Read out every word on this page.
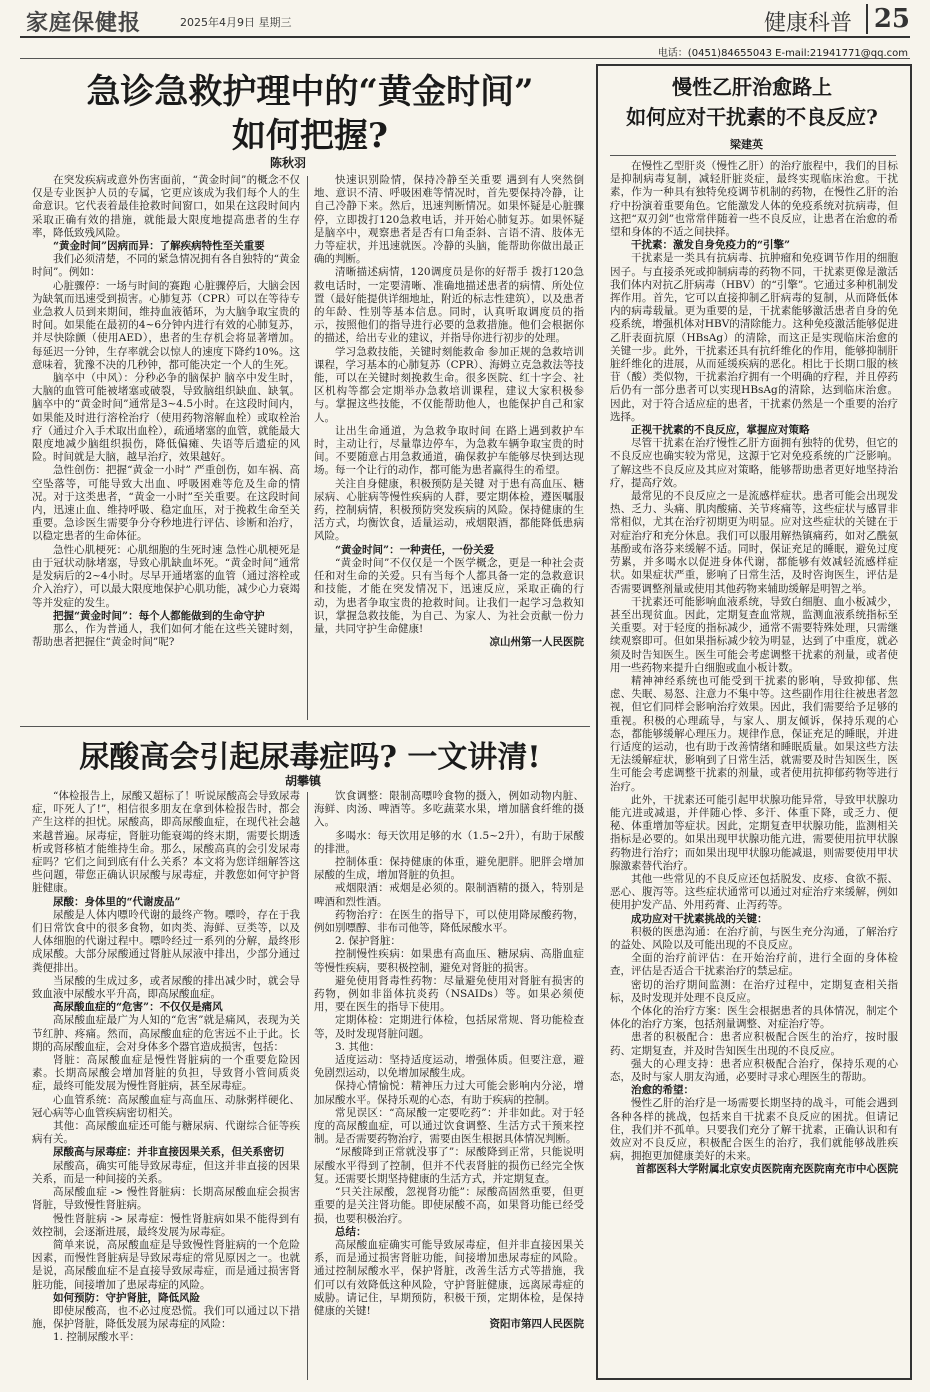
家庭保健报	2025年4月9日 星期三	健康科普 25
电话：(0451)84655043 E-mail:21941771@qq.com
急诊急救护理中的“黄金时间”
如何把握?
陈秋羽

在突发疾病或意外伤害面前，“黄金时间”的概念不仅仅是专业医护人员的专属，它更应该成为我们每个人的生命意识。它代表着最佳抢救时间窗口，如果在这段时间内采取正确有效的措施，就能最大限度地提高患者的生存率，降低致残风险。

“黄金时间”因病而异：了解疾病特性至关重要

我们必须清楚，不同的紧急情况拥有各自独特的“黄金时间”。例如：

心脏骤停：一场与时间的赛跑 心脏骤停后，大脑会因为缺氧而迅速受到损害。心肺复苏（CPR）可以在等待专业急救人员到来期间，维持血液循环，为大脑争取宝贵的时间。如果能在最初的4~6分钟内进行有效的心肺复苏，并尽快除颤（使用AED），患者的生存机会将显著增加。每延迟一分钟，生存率就会以惊人的速度下降约10%。这意味着，犹豫不决的几秒钟，都可能决定一个人的生死。

脑卒中（中风）：分秒必争的脑保护 脑卒中发生时，大脑的血管可能被堵塞或破裂，导致脑组织缺血、缺氧。脑卒中的“黄金时间”通常是3~4.5小时。在这段时间内，如果能及时进行溶栓治疗（使用药物溶解血栓）或取栓治疗（通过介入手术取出血栓），疏通堵塞的血管，就能最大限度地减少脑组织损伤，降低偏瘫、失语等后遗症的风险。时间就是大脑，越早治疗，效果越好。

急性创伤：把握“黄金一小时” 严重创伤，如车祸、高空坠落等，可能导致大出血、呼吸困难等危及生命的情况。对于这类患者，“黄金一小时”至关重要。在这段时间内，迅速止血、维持呼吸、稳定血压，对于挽救生命至关重要。急诊医生需要争分夺秒地进行评估、诊断和治疗，以稳定患者的生命体征。

急性心肌梗死：心肌细胞的生死时速 急性心肌梗死是由于冠状动脉堵塞，导致心肌缺血坏死。“黄金时间”通常是发病后的2~4小时。尽早开通堵塞的血管（通过溶栓或介入治疗），可以最大限度地保护心肌功能，减少心力衰竭等并发症的发生。

把握“黄金时间”：每个人都能做到的生命守护

那么，作为普通人，我们如何才能在这些关键时刻，帮助患者把握住“黄金时间”呢?

快速识别险情，保持冷静至关重要 遇到有人突然倒地、意识不清、呼吸困难等情况时，首先要保持冷静，让自己冷静下来。然后，迅速判断情况。如果怀疑是心脏骤停，立即拨打120急救电话，并开始心肺复苏。如果怀疑是脑卒中，观察患者是否有口角歪斜、言语不清、肢体无力等症状，并迅速就医。冷静的头脑，能帮助你做出最正确的判断。

清晰描述病情，120调度员是你的好帮手 拨打120急救电话时，一定要清晰、准确地描述患者的病情、所处位置（最好能提供详细地址，附近的标志性建筑），以及患者的年龄、性别等基本信息。同时，认真听取调度员的指示，按照他们的指导进行必要的急救措施。他们会根据你的描述，给出专业的建议，并指导你进行初步的处理。

学习急救技能，关键时刻能救命 参加正规的急救培训课程，学习基本的心肺复苏（CPR）、海姆立克急救法等技能，可以在关键时刻挽救生命。很多医院、红十字会、社区机构等都会定期举办急救培训课程，建议大家积极参与。掌握这些技能，不仅能帮助他人，也能保护自己和家人。

让出生命通道，为急救争取时间 在路上遇到救护车时，主动让行，尽量靠边停车，为急救车辆争取宝贵的时间。不要随意占用急救通道，确保救护车能够尽快到达现场。每一个让行的动作，都可能为患者赢得生的希望。

关注自身健康，积极预防是关键 对于患有高血压、糖尿病、心脏病等慢性疾病的人群，要定期体检，遵医嘱服药，控制病情，积极预防突发疾病的风险。保持健康的生活方式，均衡饮食，适量运动，戒烟限酒，都能降低患病风险。

“黄金时间”：一种责任，一份关爱

“黄金时间”不仅仅是一个医学概念，更是一种社会责任和对生命的关爱。只有当每个人都具备一定的急救意识和技能，才能在突发情况下，迅速反应，采取正确的行动，为患者争取宝贵的抢救时间。让我们一起学习急救知识，掌握急救技能，为自己、为家人、为社会贡献一份力量，共同守护生命健康!

凉山州第一人民医院

尿酸高会引起尿毒症吗? 一文讲清!
胡攀镇

“体检报告上，尿酸又超标了！听说尿酸高会导致尿毒症，吓死人了!”，相信很多朋友在拿到体检报告时，都会产生这样的担忧。尿酸高，即高尿酸血症，在现代社会越来越普遍。尿毒症，肾脏功能衰竭的终末期，需要长期透析或肾移植才能维持生命。那么，尿酸高真的会引发尿毒症吗？它们之间到底有什么关系？本文将为您详细解答这些问题，带您正确认识尿酸与尿毒症，并教您如何守护肾脏健康。

尿酸：身体里的“代谢废品”

尿酸是人体内嘌呤代谢的最终产物。嘌呤，存在于我们日常饮食中的很多食物，如肉类、海鲜、豆类等，以及人体细胞的代谢过程中。嘌呤经过一系列的分解，最终形成尿酸。大部分尿酸通过肾脏从尿液中排出，少部分通过粪便排出。

当尿酸的生成过多，或者尿酸的排出减少时，就会导致血液中尿酸水平升高，即高尿酸血症。

高尿酸血症的“危害”：不仅仅是痛风

高尿酸血症最广为人知的“危害”就是痛风，表现为关节红肿、疼痛。然而，高尿酸血症的危害远不止于此。长期的高尿酸血症，会对身体多个器官造成损害，包括：

肾脏：高尿酸血症是慢性肾脏病的一个重要危险因素。长期高尿酸会增加肾脏的负担，导致肾小管间质炎症，最终可能发展为慢性肾脏病，甚至尿毒症。

心血管系统：高尿酸血症与高血压、动脉粥样硬化、冠心病等心血管疾病密切相关。

其他：高尿酸血症还可能与糖尿病、代谢综合征等疾病有关。

尿酸高与尿毒症：并非直接因果关系，但关系密切

尿酸高，确实可能导致尿毒症，但这并非直接的因果关系，而是一种间接的关系。

高尿酸血症 -> 慢性肾脏病：长期高尿酸血症会损害肾脏，导致慢性肾脏病。

慢性肾脏病 -> 尿毒症：慢性肾脏病如果不能得到有效控制，会逐渐进展，最终发展为尿毒症。

简单来说，高尿酸血症是导致慢性肾脏病的一个危险因素，而慢性肾脏病是导致尿毒症的常见原因之一。也就是说，高尿酸血症不是直接导致尿毒症，而是通过损害肾脏功能，间接增加了患尿毒症的风险。

如何预防：守护肾脏，降低风险

即使尿酸高，也不必过度恐慌。我们可以通过以下措施，保护肾脏，降低发展为尿毒症的风险：

1. 控制尿酸水平：

饮食调整：限制高嘌呤食物的摄入，例如动物内脏、海鲜、肉汤、啤酒等。多吃蔬菜水果，增加膳食纤维的摄入。

多喝水：每天饮用足够的水（1.5~2升），有助于尿酸的排泄。

控制体重：保持健康的体重，避免肥胖。肥胖会增加尿酸的生成，增加肾脏的负担。

戒烟限酒：戒烟是必须的。限制酒精的摄入，特别是啤酒和烈性酒。

药物治疗：在医生的指导下，可以使用降尿酸药物，例如别嘌醇、非布司他等，降低尿酸水平。

2. 保护肾脏：

控制慢性疾病：如果患有高血压、糖尿病、高脂血症等慢性疾病，要积极控制，避免对肾脏的损害。

避免使用肾毒性药物：尽量避免使用对肾脏有损害的药物，例如非甾体抗炎药（NSAIDs）等。如果必须使用，要在医生的指导下使用。

定期体检：定期进行体检，包括尿常规、肾功能检查等，及时发现肾脏问题。

3. 其他：

适度运动：坚持适度运动，增强体质。但要注意，避免剧烈运动，以免增加尿酸生成。

保持心情愉悦：精神压力过大可能会影响内分泌，增加尿酸水平。保持乐观的心态，有助于疾病的控制。

常见误区：“高尿酸一定要吃药”：并非如此。对于轻度的高尿酸血症，可以通过饮食调整、生活方式干预来控制。是否需要药物治疗，需要由医生根据具体情况判断。

“尿酸降到正常就没事了”：尿酸降到正常，只能说明尿酸水平得到了控制，但并不代表肾脏的损伤已经完全恢复。还需要长期坚持健康的生活方式，并定期复查。

“只关注尿酸，忽视肾功能”：尿酸高固然重要，但更重要的是关注肾功能。即使尿酸不高，如果肾功能已经受损，也要积极治疗。

总结：

高尿酸血症确实可能导致尿毒症，但并非直接因果关系，而是通过损害肾脏功能，间接增加患尿毒症的风险。通过控制尿酸水平，保护肾脏，改善生活方式等措施，我们可以有效降低这种风险，守护肾脏健康，远离尿毒症的威胁。请记住，早期预防，积极干预，定期体检，是保持健康的关键!

资阳市第四人民医院

慢性乙肝治愈路上
如何应对干扰素的不良反应?
梁建英

在慢性乙型肝炎（慢性乙肝）的治疗旅程中，我们的目标是抑制病毒复制，减轻肝脏炎症，最终实现临床治愈。干扰素，作为一种具有独特免疫调节机制的药物，在慢性乙肝的治疗中扮演着重要角色。它能激发人体的免疫系统对抗病毒，但这把“双刃剑”也常常伴随着一些不良反应，让患者在治愈的希望和身体的不适之间抉择。

干扰素：激发自身免疫力的“引擎”

干扰素是一类具有抗病毒、抗肿瘤和免疫调节作用的细胞因子。与直接杀死或抑制病毒的药物不同，干扰素更像是激活我们体内对抗乙肝病毒（HBV）的“引擎”。它通过多种机制发挥作用。首先，它可以直接抑制乙肝病毒的复制，从而降低体内的病毒载量。更为重要的是，干扰素能够激活患者自身的免疫系统，增强机体对HBV的清除能力。这种免疫激活能够促进乙肝表面抗原（HBsAg）的清除，而这正是实现临床治愈的关键一步。此外，干扰素还具有抗纤维化的作用，能够抑制肝脏纤维化的进展，从而延缓疾病的恶化。相比于长期口服的核苷（酸）类似物，干扰素治疗拥有一个明确的疗程，并且停药后仍有一部分患者可以实现HBsAg的清除，达到临床治愈。因此，对于符合适应症的患者，干扰素仍然是一个重要的治疗选择。

正视干扰素的不良反应，掌握应对策略

尽管干扰素在治疗慢性乙肝方面拥有独特的优势，但它的不良反应也确实较为常见，这源于它对免疫系统的广泛影响。了解这些不良反应及其应对策略，能够帮助患者更好地坚持治疗，提高疗效。

最常见的不良反应之一是流感样症状。患者可能会出现发热、乏力、头痛、肌肉酸痛、关节疼痛等，这些症状与感冒非常相似，尤其在治疗初期更为明显。应对这些症状的关键在于对症治疗和充分休息。我们可以服用解热镇痛药，如对乙酰氨基酚或布洛芬来缓解不适。同时，保证充足的睡眠，避免过度劳累，并多喝水以促进身体代谢，都能够有效减轻流感样症状。如果症状严重，影响了日常生活，及时咨询医生，评估是否需要调整剂量或使用其他药物来辅助缓解是明智之举。

干扰素还可能影响血液系统，导致白细胞、血小板减少，甚至出现贫血。因此，定期复查血常规，监测血液系统指标至关重要。对于轻度的指标减少，通常不需要特殊处理，只需继续观察即可。但如果指标减少较为明显，达到了中重度，就必须及时告知医生。医生可能会考虑调整干扰素的剂量，或者使用一些药物来提升白细胞或血小板计数。

精神神经系统也可能受到干扰素的影响，导致抑郁、焦虑、失眠、易怒、注意力不集中等。这些副作用往往被患者忽视，但它们同样会影响治疗效果。因此，我们需要给予足够的重视。积极的心理疏导，与家人、朋友倾诉，保持乐观的心态，都能够缓解心理压力。规律作息，保证充足的睡眠，并进行适度的运动，也有助于改善情绪和睡眠质量。如果这些方法无法缓解症状，影响到了日常生活，就需要及时告知医生，医生可能会考虑调整干扰素的剂量，或者使用抗抑郁药物等进行治疗。

此外，干扰素还可能引起甲状腺功能异常，导致甲状腺功能亢进或减退，并伴随心悸、多汗、体重下降，或乏力、便秘、体重增加等症状。因此，定期复查甲状腺功能，监测相关指标是必要的。如果出现甲状腺功能亢进，需要使用抗甲状腺药物进行治疗；而如果出现甲状腺功能减退，则需要使用甲状腺激素替代治疗。

其他一些常见的不良反应还包括脱发、皮疹、食欲不振、恶心、腹泻等。这些症状通常可以通过对症治疗来缓解，例如使用护发产品、外用药膏、止泻药等。

成功应对干扰素挑战的关键：

积极的医患沟通：在治疗前，与医生充分沟通，了解治疗的益处、风险以及可能出现的不良反应。

全面的治疗前评估：在开始治疗前，进行全面的身体检查，评估是否适合干扰素治疗的禁忌症。

密切的治疗期间监测：在治疗过程中，定期复查相关指标，及时发现并处理不良反应。

个体化的治疗方案：医生会根据患者的具体情况，制定个体化的治疗方案，包括剂量调整、对症治疗等。

患者的积极配合：患者应积极配合医生的治疗，按时服药、定期复查，并及时告知医生出现的不良反应。

强大的心理支持：患者应积极配合治疗，保持乐观的心态，及时与家人朋友沟通，必要时寻求心理医生的帮助。

治愈的希望：

慢性乙肝的治疗是一场需要长期坚持的战斗，可能会遇到各种各样的挑战，包括来自干扰素不良反应的困扰。但请记住，我们并不孤单。只要我们充分了解干扰素，正确认识和有效应对不良反应，积极配合医生的治疗，我们就能够战胜疾病，拥抱更加健康美好的未来。

首都医科大学附属北京安贞医院南充医院南充市中心医院
